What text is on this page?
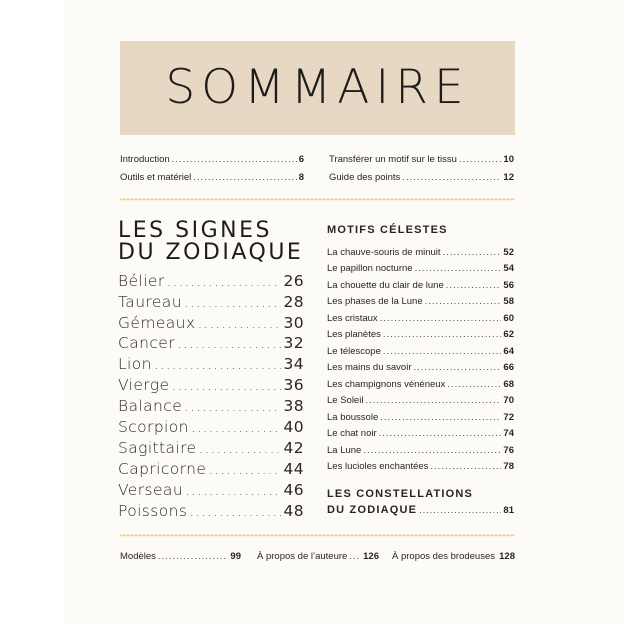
SOMMAIRE
Introduction .....	6
Outils et matériel .....	8
Transférer un motif sur le tissu .....	10
Guide des points .....	12
LES SIGNES
DU ZODIAQUE
Bélier .....	26
Taureau .....	28
Gémeaux .....	30
Cancer .....	32
Lion .....	34
Vierge .....	36
Balance .....	38
Scorpion .....	40
Sagittaire .....	42
Capricorne .....	44
Verseau .....	46
Poissons .....	48
MOTIFS CÉLESTES
La chauve-souris de minuit .....	52
Le papillon nocturne .....	54
La chouette du clair de lune .....	56
Les phases de la Lune .....	58
Les cristaux .....	60
Les planètes .....	62
Le télescope .....	64
Les mains du savoir .....	66
Les champignons vénéneux .....	68
Le Soleil .....	70
La boussole .....	72
Le chat noir .....	74
La Lune .....	76
Les lucioles enchantées .....	78
LES CONSTELLATIONS
DU ZODIAQUE .....	81
Modèles .....	99 À propos de l’auteure ..... 126 À propos des brodeuses ..... 128
